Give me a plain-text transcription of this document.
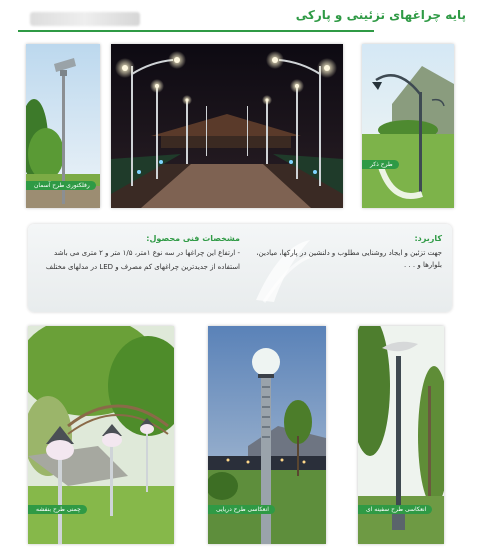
پایه چراغهای تزئینی و پارکی
رفلکتوری طرح آسمان
طرح ذکر
کاربرد:
جهت تزئین و ایجاد روشنایی مطلوب و دلنشین در پارکها، میادین، بلوارها و . . .
مشخصات فنی محصول:
- ارتفاع این چراغها در سه نوع ۱متر، ۱/۵ متر و ۲ متری می باشد
استفاده از جدیدترین چراغهای کم مصرف و LED در مدلهای مختلف
چمنی طرح بنفشه	انعکاسی طرح دریایی	انعکاسی طرح سفینه ای
